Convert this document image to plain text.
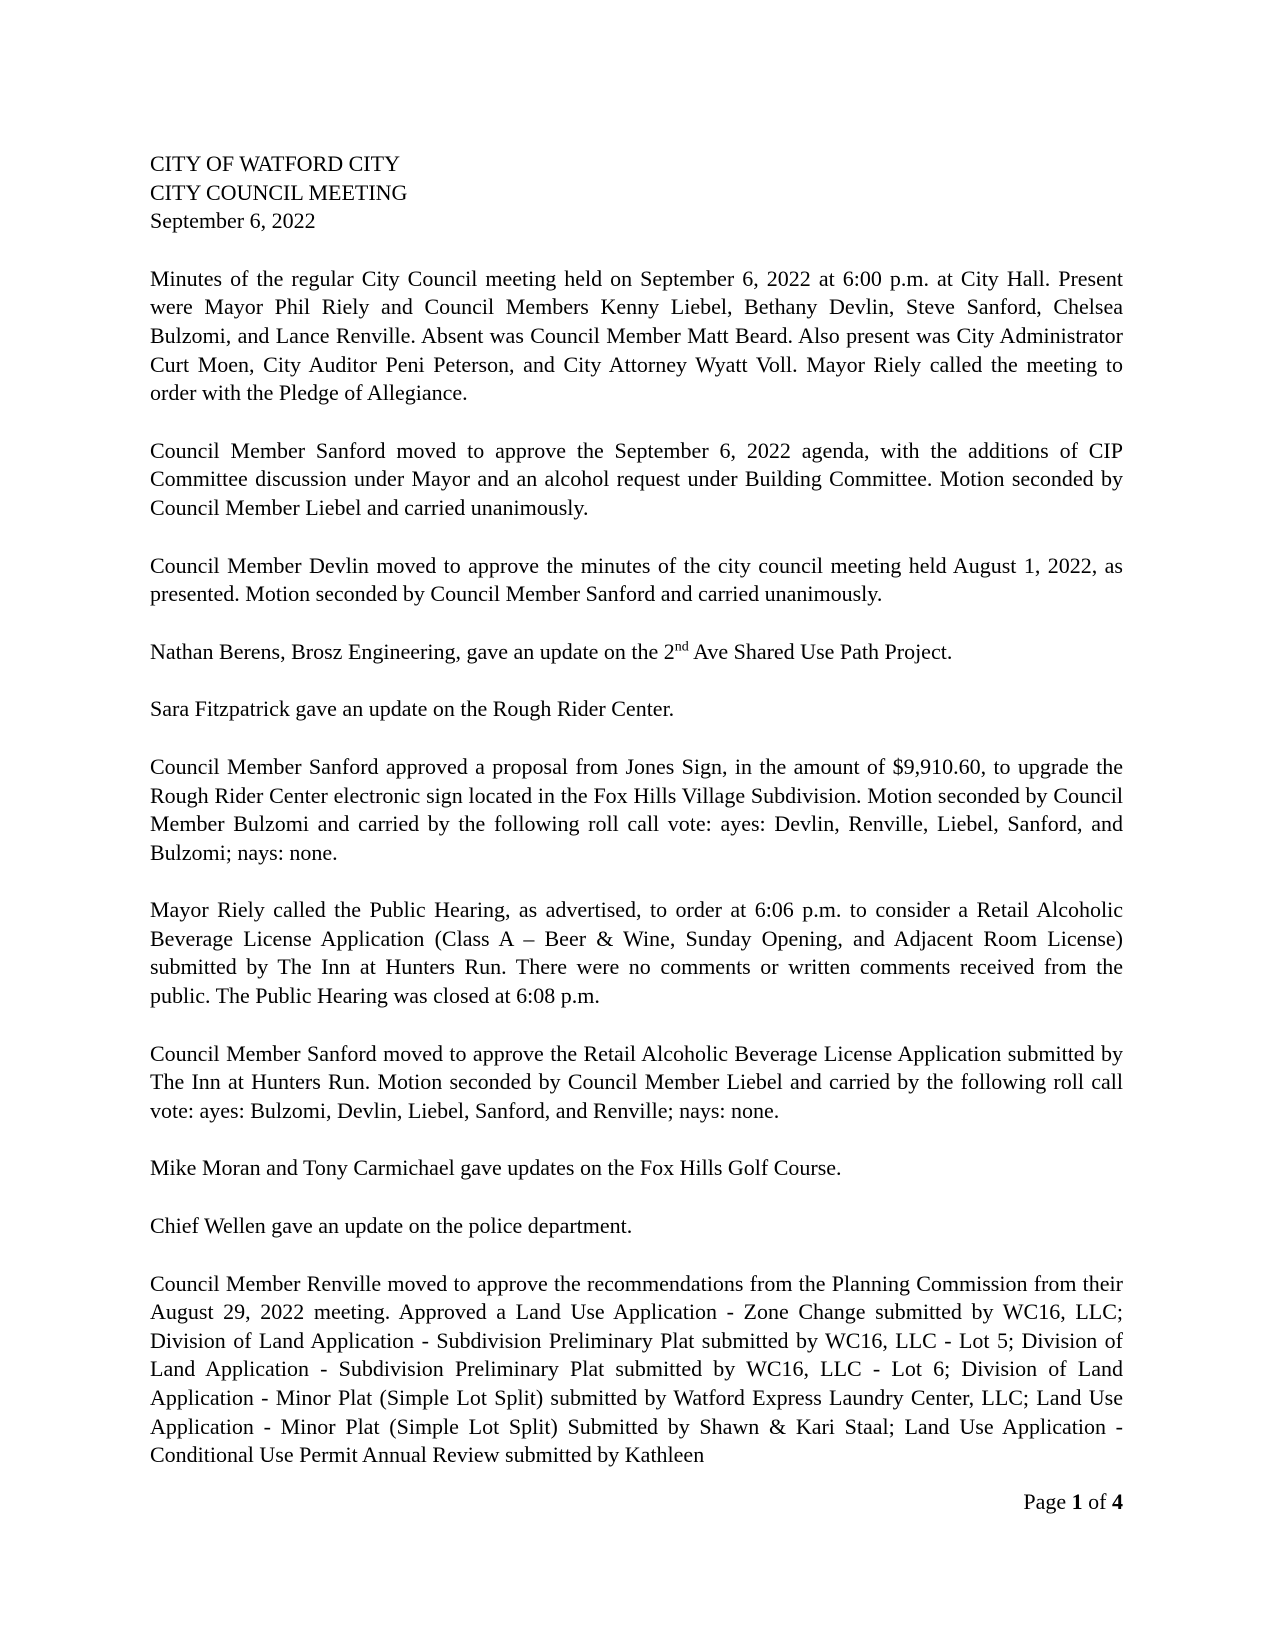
CITY OF WATFORD CITY
CITY COUNCIL MEETING
September 6, 2022

Minutes of the regular City Council meeting held on September 6, 2022 at 6:00 p.m. at City Hall. Present were Mayor Phil Riely and Council Members Kenny Liebel, Bethany Devlin, Steve Sanford, Chelsea Bulzomi, and Lance Renville. Absent was Council Member Matt Beard. Also present was City Administrator Curt Moen, City Auditor Peni Peterson, and City Attorney Wyatt Voll. Mayor Riely called the meeting to order with the Pledge of Allegiance.

Council Member Sanford moved to approve the September 6, 2022 agenda, with the additions of CIP Committee discussion under Mayor and an alcohol request under Building Committee. Motion seconded by Council Member Liebel and carried unanimously.

Council Member Devlin moved to approve the minutes of the city council meeting held August 1, 2022, as presented. Motion seconded by Council Member Sanford and carried unanimously.

Nathan Berens, Brosz Engineering, gave an update on the 2nd Ave Shared Use Path Project.

Sara Fitzpatrick gave an update on the Rough Rider Center.

Council Member Sanford approved a proposal from Jones Sign, in the amount of $9,910.60, to upgrade the Rough Rider Center electronic sign located in the Fox Hills Village Subdivision. Motion seconded by Council Member Bulzomi and carried by the following roll call vote: ayes: Devlin, Renville, Liebel, Sanford, and Bulzomi; nays: none.

Mayor Riely called the Public Hearing, as advertised, to order at 6:06 p.m. to consider a Retail Alcoholic Beverage License Application (Class A – Beer & Wine, Sunday Opening, and Adjacent Room License) submitted by The Inn at Hunters Run. There were no comments or written comments received from the public. The Public Hearing was closed at 6:08 p.m.

Council Member Sanford moved to approve the Retail Alcoholic Beverage License Application submitted by The Inn at Hunters Run. Motion seconded by Council Member Liebel and carried by the following roll call vote: ayes: Bulzomi, Devlin, Liebel, Sanford, and Renville; nays: none.

Mike Moran and Tony Carmichael gave updates on the Fox Hills Golf Course.

Chief Wellen gave an update on the police department.

Council Member Renville moved to approve the recommendations from the Planning Commission from their August 29, 2022 meeting. Approved a Land Use Application - Zone Change submitted by WC16, LLC; Division of Land Application - Subdivision Preliminary Plat submitted by WC16, LLC - Lot 5; Division of Land Application - Subdivision Preliminary Plat submitted by WC16, LLC - Lot 6; Division of Land Application - Minor Plat (Simple Lot Split) submitted by Watford Express Laundry Center, LLC; Land Use Application - Minor Plat (Simple Lot Split) Submitted by Shawn & Kari Staal; Land Use Application - Conditional Use Permit Annual Review submitted by Kathleen

Page 1 of 4
